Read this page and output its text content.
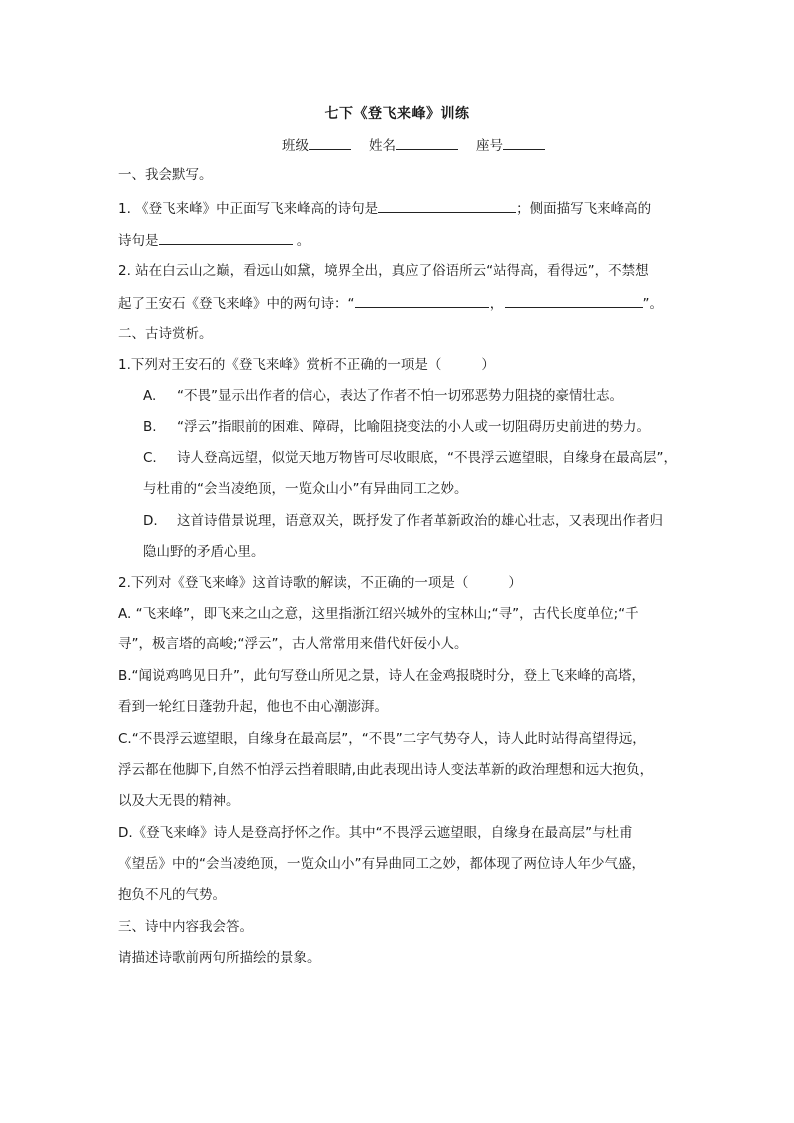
七下《登飞来峰》训练
班级	姓名	座号
一、我会默写。
1. 《登飞来峰》中正面写飞来峰高的诗句是	；侧面描写飞来峰高的
诗句是	。
2. 站在白云山之巅，看远山如黛，境界全出，真应了俗语所云“站得高，看得远”，不禁想
起了王安石《登飞来峰》中的两句诗：“	，	”。
二、古诗赏析。
1.下列对王安石的《登飞来峰》赏析不正确的一项是（	）
A. “不畏”显示出作者的信心，表达了作者不怕一切邪恶势力阻挠的豪情壮志。
B. “浮云”指眼前的困难、障碍，比喻阻挠变法的小人或一切阻碍历史前进的势力。
C. 诗人登高远望，似觉天地万物皆可尽收眼底，“不畏浮云遮望眼，自缘身在最高层”，
与杜甫的“会当凌绝顶，一览众山小”有异曲同工之妙。
D. 这首诗借景说理，语意双关，既抒发了作者革新政治的雄心壮志，又表现出作者归
隐山野的矛盾心里。
2.下列对《登飞来峰》这首诗歌的解读，不正确的一项是（	）
A. “飞来峰”，即飞来之山之意，这里指浙江绍兴城外的宝林山;“寻”，古代长度单位;“千
寻”，极言塔的高峻;“浮云”，古人常常用来借代奸佞小人。
B.“闻说鸡鸣见日升”，此句写登山所见之景，诗人在金鸡报晓时分，登上飞来峰的高塔，
看到一轮红日蓬勃升起，他也不由心潮澎湃。
C.“不畏浮云遮望眼，自缘身在最高层”，“不畏”二字气势夺人，诗人此时站得高望得远，
浮云都在他脚下,自然不怕浮云挡着眼睛,由此表现出诗人变法革新的政治理想和远大抱负，
以及大无畏的精神。
D.《登飞来峰》诗人是登高抒怀之作。其中“不畏浮云遮望眼，自缘身在最高层”与杜甫
《望岳》中的“会当凌绝顶，一览众山小”有异曲同工之妙，都体现了两位诗人年少气盛，
抱负不凡的气势。
三、诗中内容我会答。
请描述诗歌前两句所描绘的景象。
